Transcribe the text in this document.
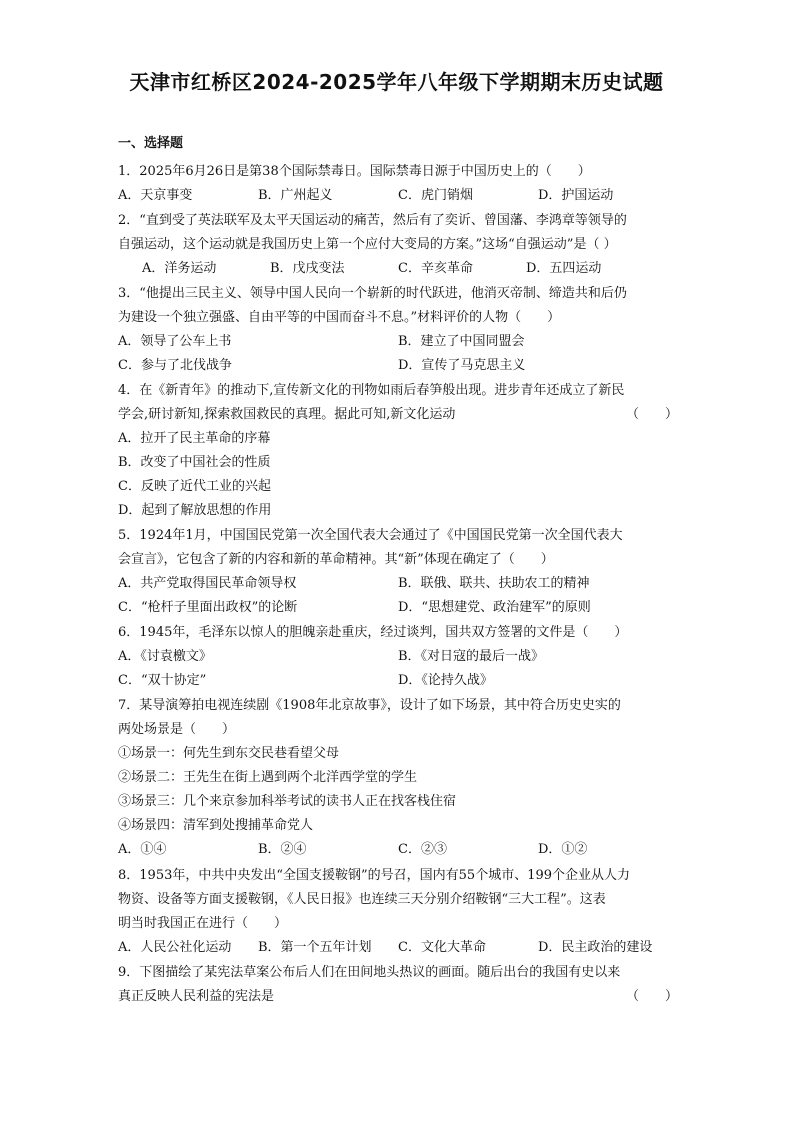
天津市红桥区2024-2025学年八年级下学期期末历史试题
一、选择题
1．2025年6月26日是第38个国际禁毒日。国际禁毒日源于中国历史上的（　　）
A．天京事变	B．广州起义	C．虎门销烟	D．护国运动
2．“直到受了英法联军及太平天国运动的痛苦，然后有了奕䜣、曾国藩、李鸿章等领导的
自强运动，这个运动就是我国历史上第一个应付大变局的方案。”这场“自强运动”是（ ）
A．洋务运动	B．戊戌变法	C．辛亥革命	D．五四运动
3．“他提出三民主义、领导中国人民向一个崭新的时代跃进，他消灭帝制、缔造共和后仍
为建设一个独立强盛、自由平等的中国而奋斗不息。”材料评价的人物（　　）
A．领导了公车上书	B．建立了中国同盟会
C．参与了北伐战争	D．宣传了马克思主义
4．在《新青年》的推动下,宣传新文化的刊物如雨后春笋般出现。进步青年还成立了新民
学会,研讨新知,探索救国救民的真理。据此可知,新文化运动	（　　）
A．拉开了民主革命的序幕
B．改变了中国社会的性质
C．反映了近代工业的兴起
D．起到了解放思想的作用
5．1924年1月，中国国民党第一次全国代表大会通过了《中国国民党第一次全国代表大
会宣言》，它包含了新的内容和新的革命精神。其“新”体现在确定了（　　）
A．共产党取得国民革命领导权	B．联俄、联共、扶助农工的精神
C．“枪杆子里面出政权”的论断	D．“思想建党、政治建军”的原则
6．1945年，毛泽东以惊人的胆魄亲赴重庆，经过谈判，国共双方签署的文件是（　　）
A．《讨袁檄文》	B．《对日寇的最后一战》
C．“双十协定”	D．《论持久战》
7．某导演筹拍电视连续剧《1908年北京故事》，设计了如下场景，其中符合历史史实的
两处场景是（　　）
①场景一：何先生到东交民巷看望父母
②场景二：王先生在街上遇到两个北洋西学堂的学生
③场景三：几个来京参加科举考试的读书人正在找客栈住宿
④场景四：清军到处搜捕革命党人
A．①④	B．②④	C．②③	D．①②
8．1953年，中共中央发出“全国支援鞍钢”的号召，国内有55个城市、199个企业从人力
物资、设备等方面支援鞍钢，《人民日报》也连续三天分别介绍鞍钢“三大工程”。这表
明当时我国正在进行（　　）
A．人民公社化运动	B．第一个五年计划	C．文化大革命	D．民主政治的建设
9．下图描绘了某宪法草案公布后人们在田间地头热议的画面。随后出台的我国有史以来
真正反映人民利益的宪法是	（　　）
